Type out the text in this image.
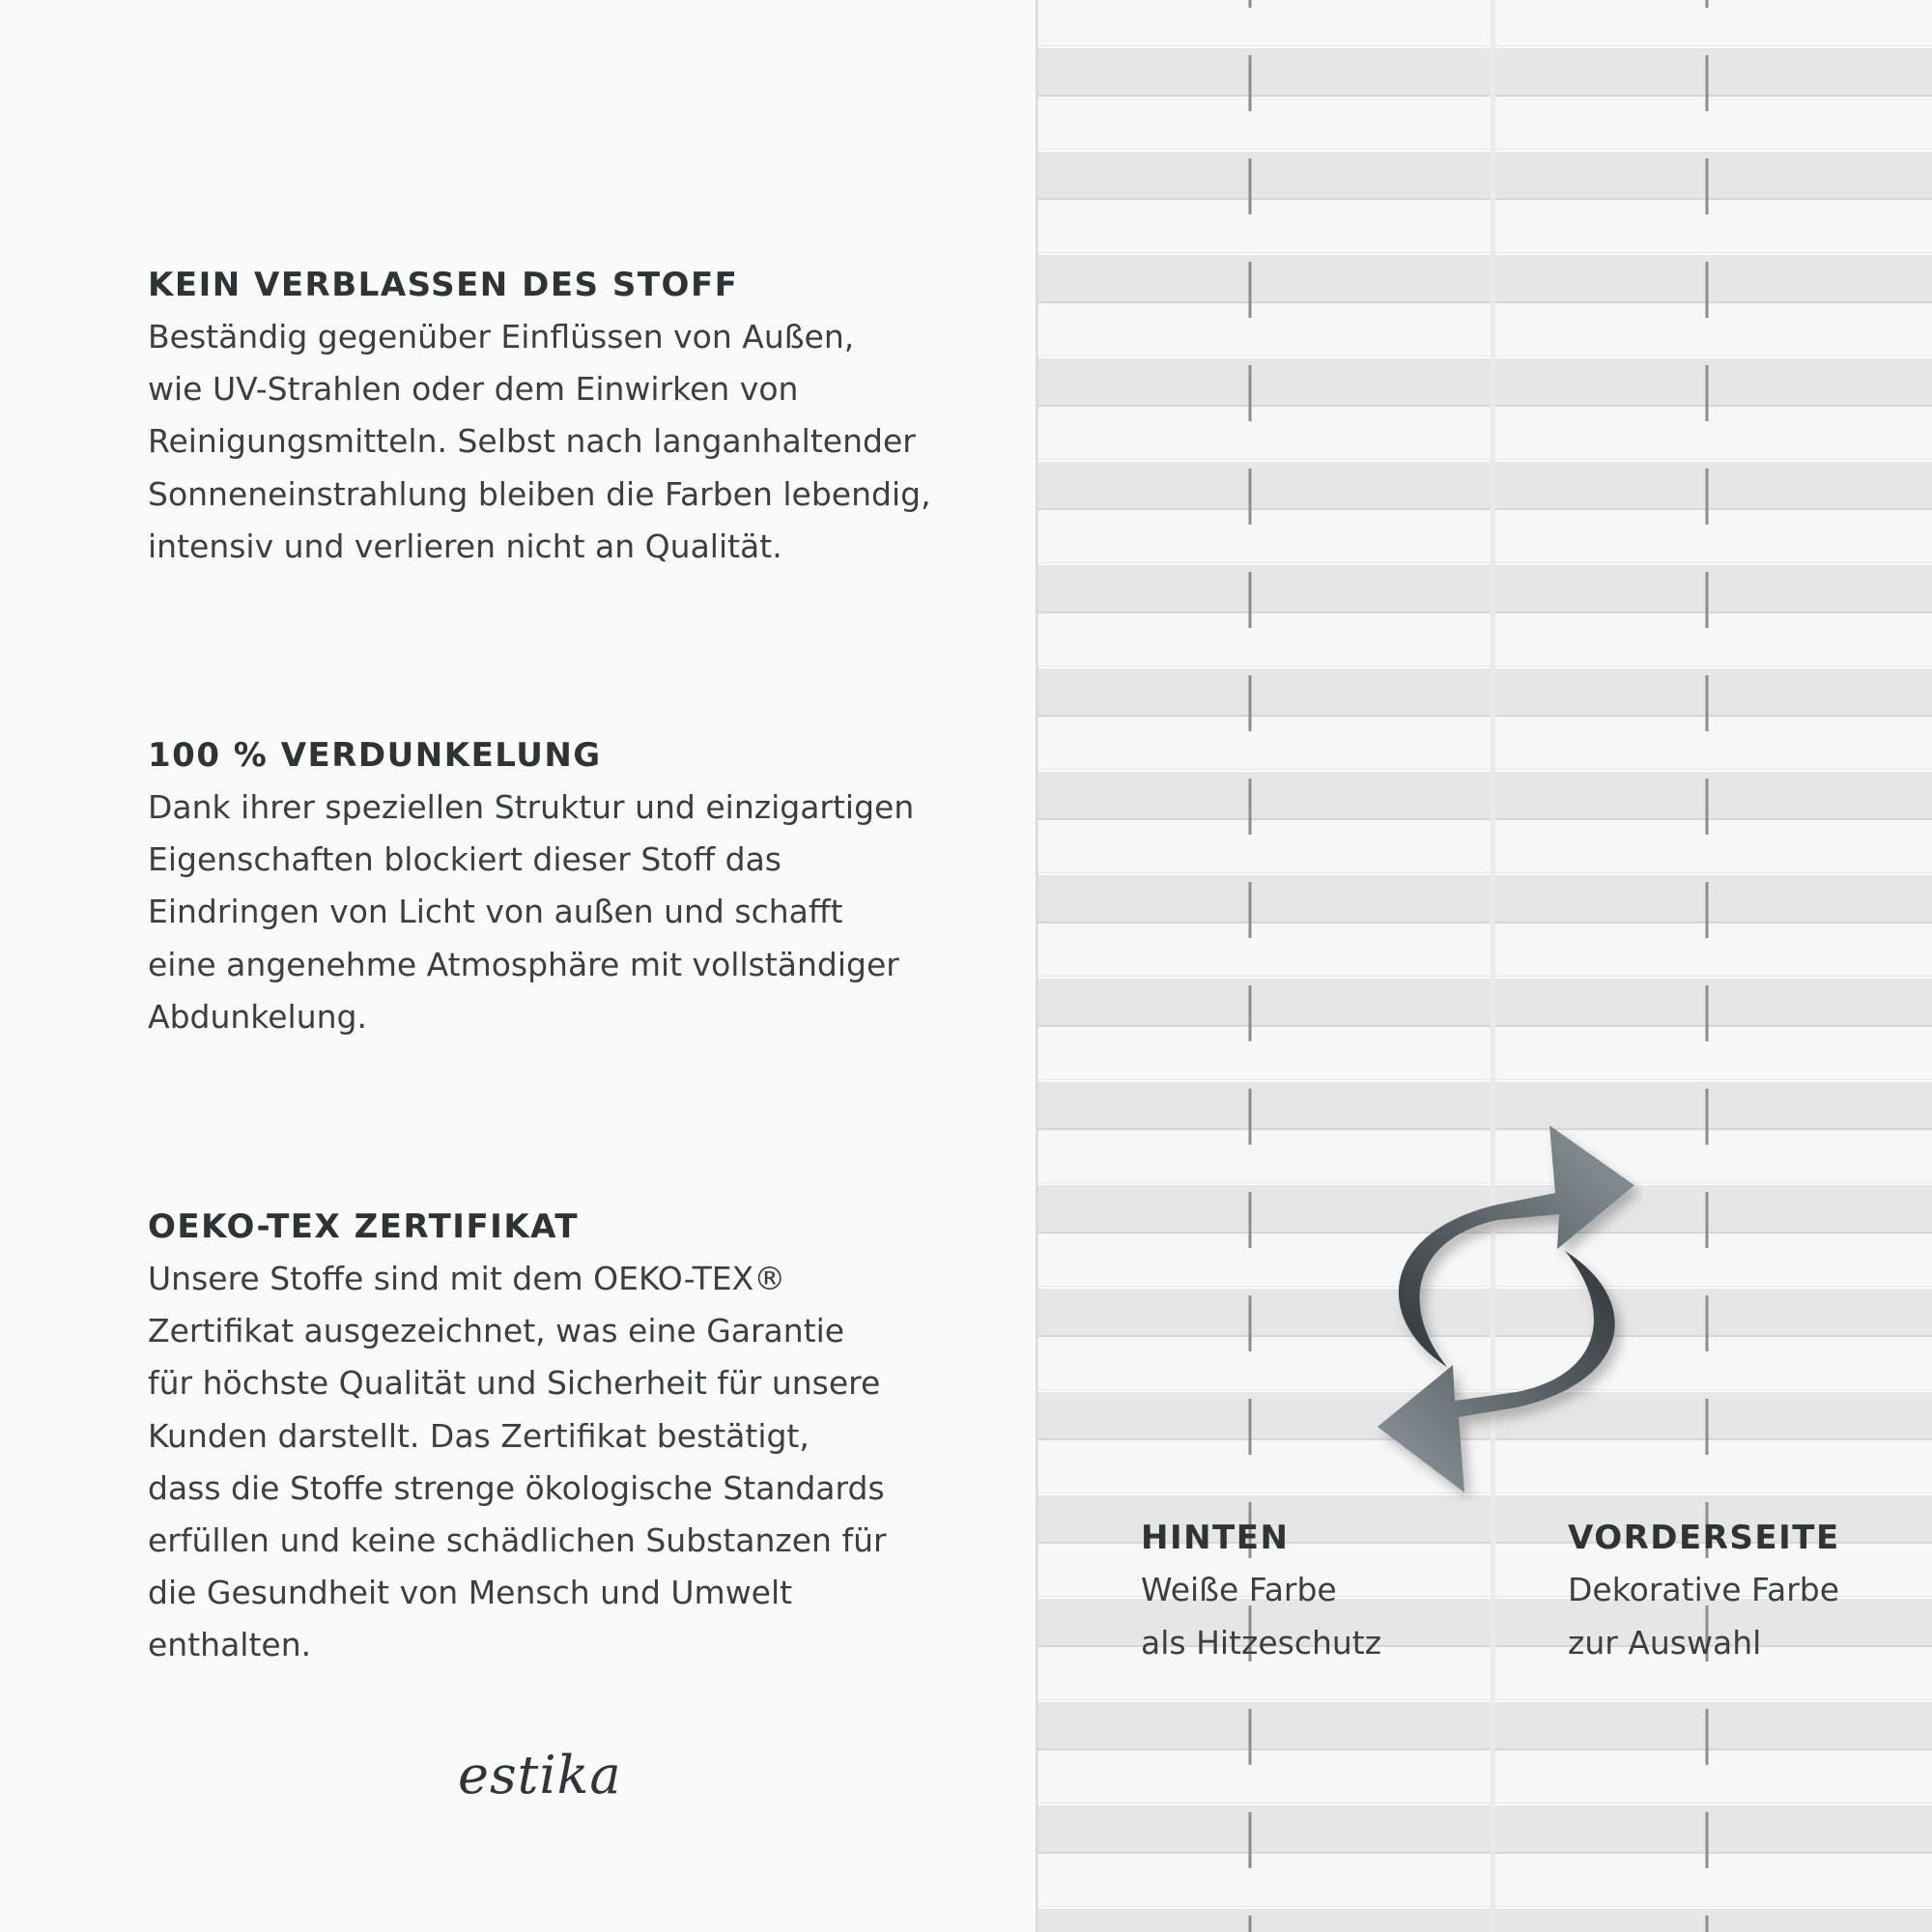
KEIN VERBLASSEN DES STOFF

Beständig gegenüber Einflüssen von Außen,
wie UV-Strahlen oder dem Einwirken von
Reinigungsmitteln. Selbst nach langanhaltender
Sonneneinstrahlung bleiben die Farben lebendig,
intensiv und verlieren nicht an Qualität.

100 % VERDUNKELUNG

Dank ihrer speziellen Struktur und einzigartigen
Eigenschaften blockiert dieser Stoff das
Eindringen von Licht von außen und schafft
eine angenehme Atmosphäre mit vollständiger
Abdunkelung.

OEKO-TEX ZERTIFIKAT

Unsere Stoffe sind mit dem OEKO-TEX®
Zertifikat ausgezeichnet, was eine Garantie
für höchste Qualität und Sicherheit für unsere
Kunden darstellt. Das Zertifikat bestätigt,
dass die Stoffe strenge ökologische Standards
erfüllen und keine schädlichen Substanzen für
die Gesundheit von Mensch und Umwelt
enthalten.

estika
HINTEN

Weiße Farbe
als Hitzeschutz

VORDERSEITE

Dekorative Farbe
zur Auswahl
